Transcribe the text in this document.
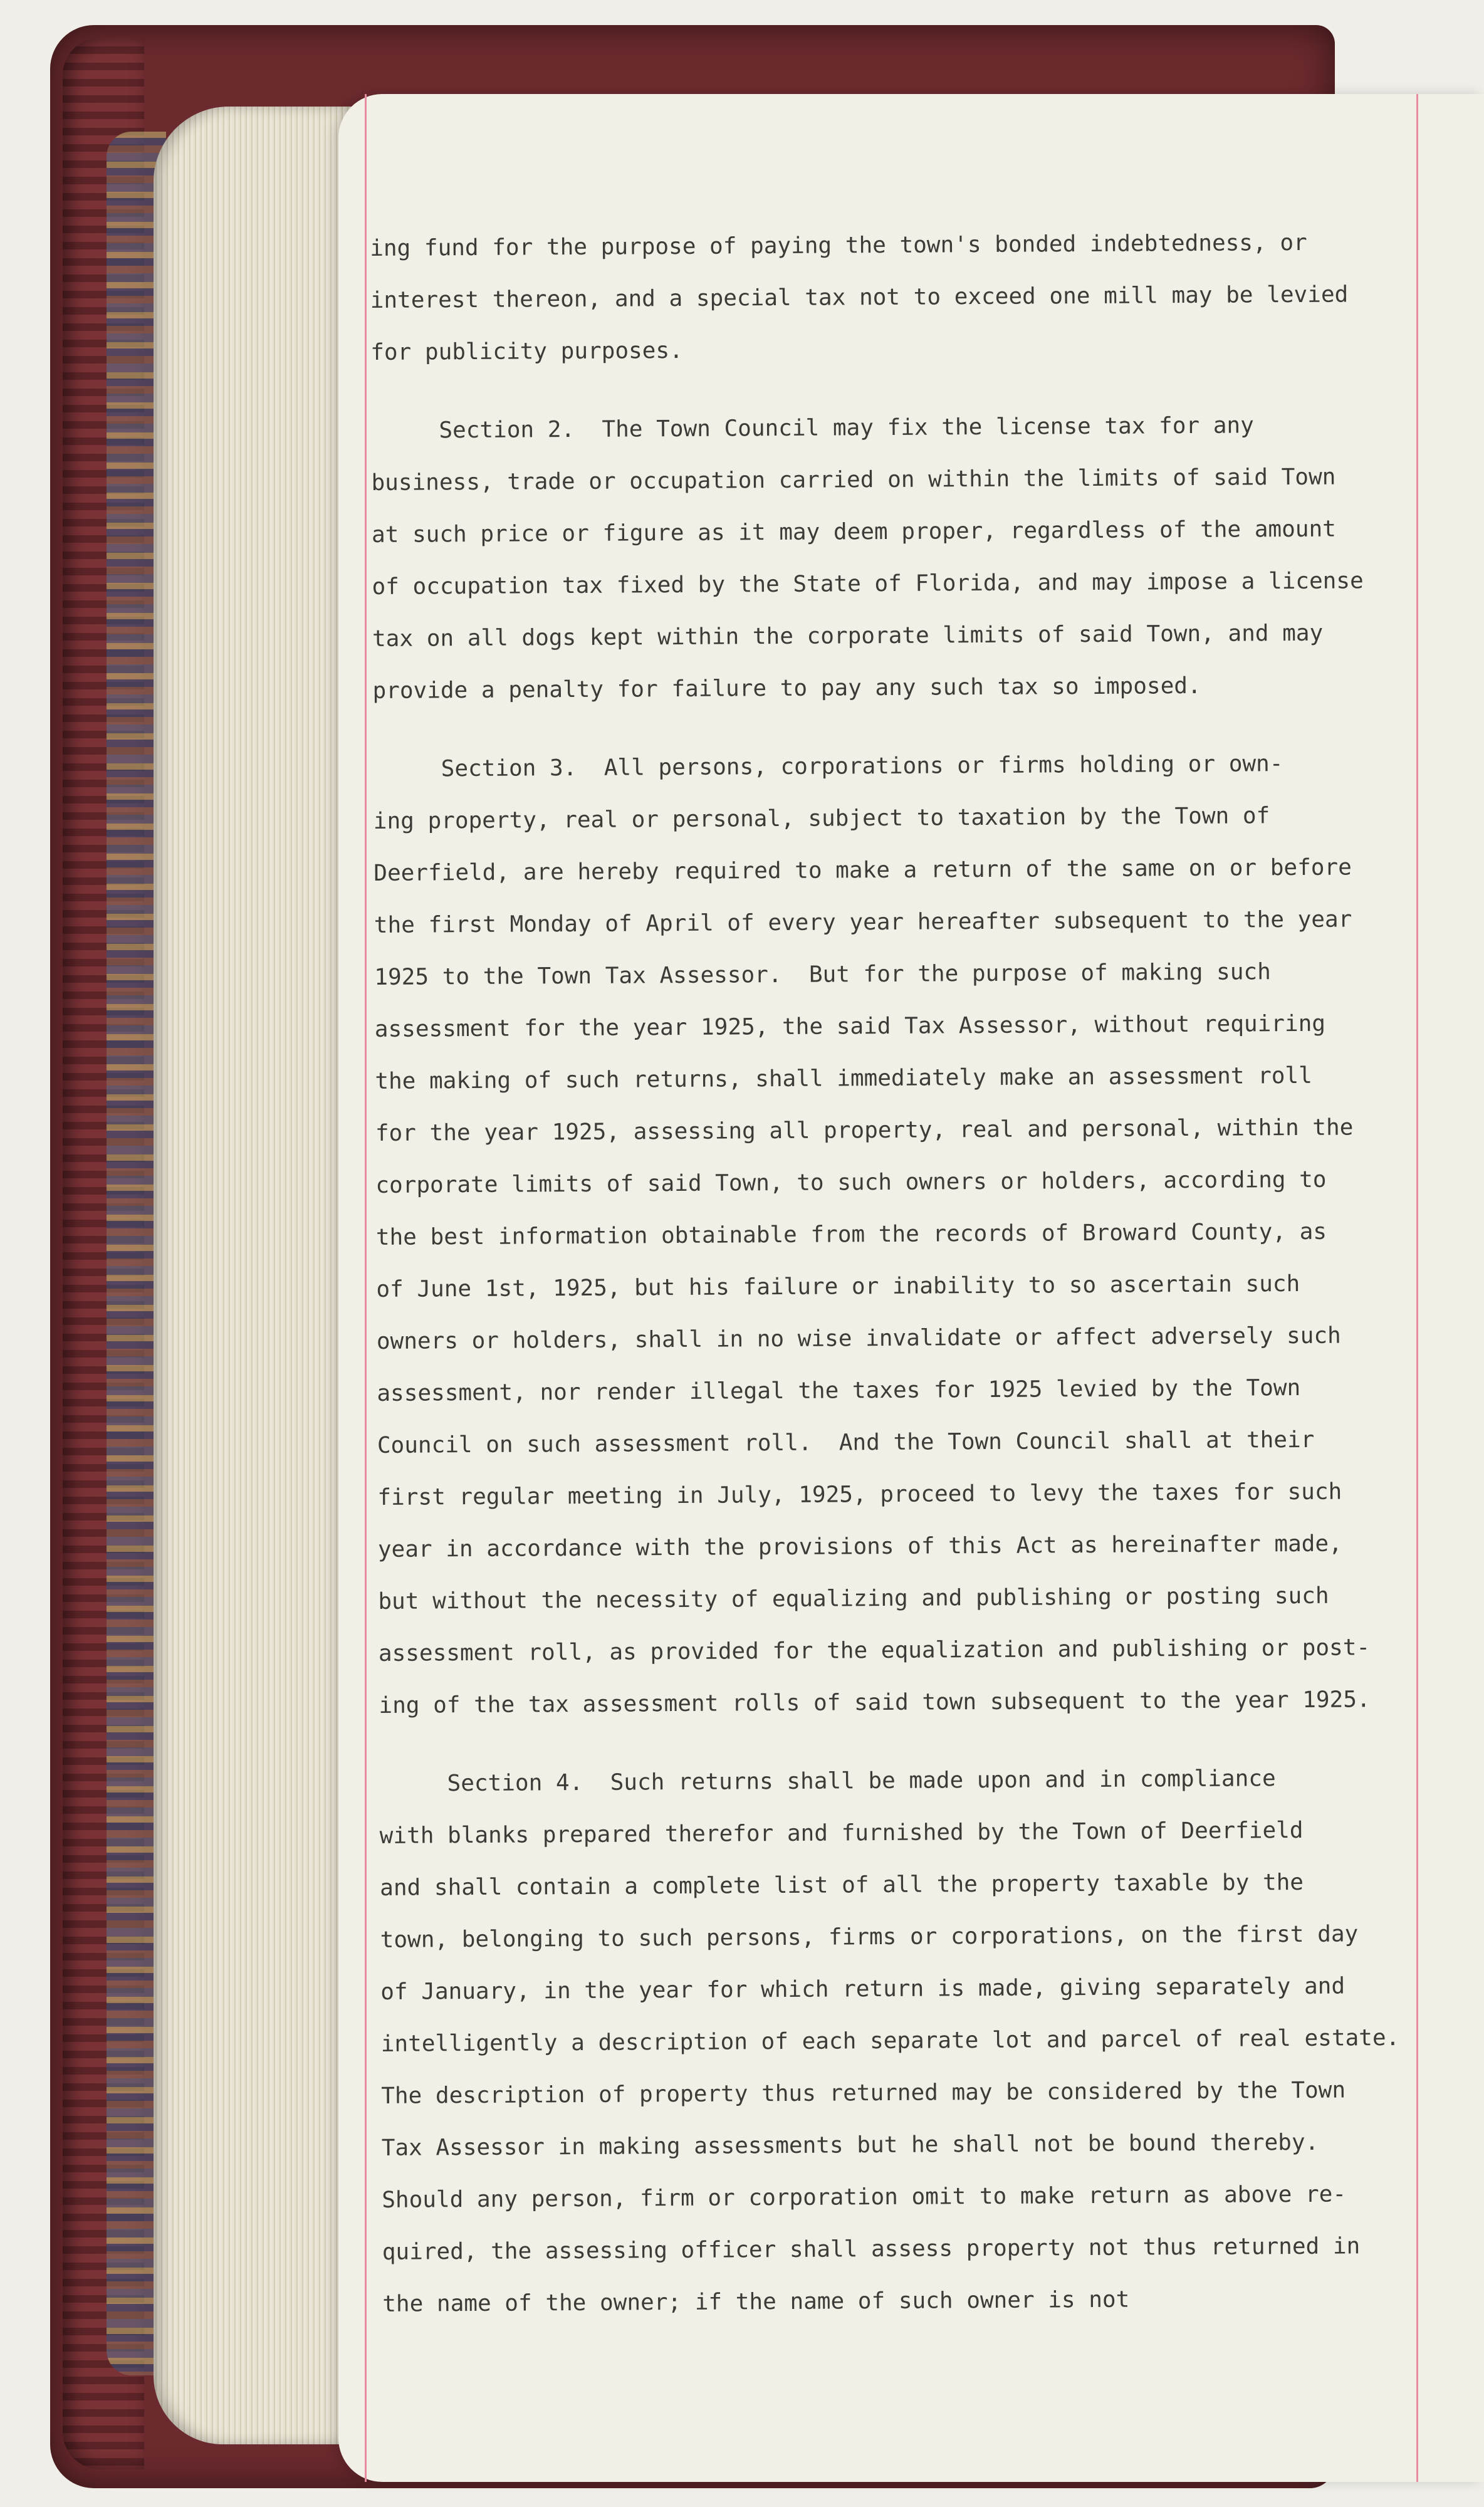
ing fund for the purpose of paying the town's bonded indebtedness, or
interest thereon, and a special tax not to exceed one mill may be levied
for publicity purposes.
Section 2.  The Town Council may fix the license tax for any
business, trade or occupation carried on within the limits of said Town
at such price or figure as it may deem proper, regardless of the amount
of occupation tax fixed by the State of Florida, and may impose a license
tax on all dogs kept within the corporate limits of said Town, and may
provide a penalty for failure to pay any such tax so imposed.
Section 3.  All persons, corporations or firms holding or own-
ing property, real or personal, subject to taxation by the Town of
Deerfield, are hereby required to make a return of the same on or before
the first Monday of April of every year hereafter subsequent to the year
1925 to the Town Tax Assessor.  But for the purpose of making such
assessment for the year 1925, the said Tax Assessor, without requiring
the making of such returns, shall immediately make an assessment roll
for the year 1925, assessing all property, real and personal, within the
corporate limits of said Town, to such owners or holders, according to
the best information obtainable from the records of Broward County, as
of June 1st, 1925, but his failure or inability to so ascertain such
owners or holders, shall in no wise invalidate or affect adversely such
assessment, nor render illegal the taxes for 1925 levied by the Town
Council on such assessment roll.  And the Town Council shall at their
first regular meeting in July, 1925, proceed to levy the taxes for such
year in accordance with the provisions of this Act as hereinafter made,
but without the necessity of equalizing and publishing or posting such
assessment roll, as provided for the equalization and publishing or post-
ing of the tax assessment rolls of said town subsequent to the year 1925.
Section 4.  Such returns shall be made upon and in compliance
with blanks prepared therefor and furnished by the Town of Deerfield
and shall contain a complete list of all the property taxable by the
town, belonging to such persons, firms or corporations, on the first day
of January, in the year for which return is made, giving separately and
intelligently a description of each separate lot and parcel of real estate.
The description of property thus returned may be considered by the Town
Tax Assessor in making assessments but he shall not be bound thereby.
Should any person, firm or corporation omit to make return as above re-
quired, the assessing officer shall assess property not thus returned in
the name of the owner; if the name of such owner is not
